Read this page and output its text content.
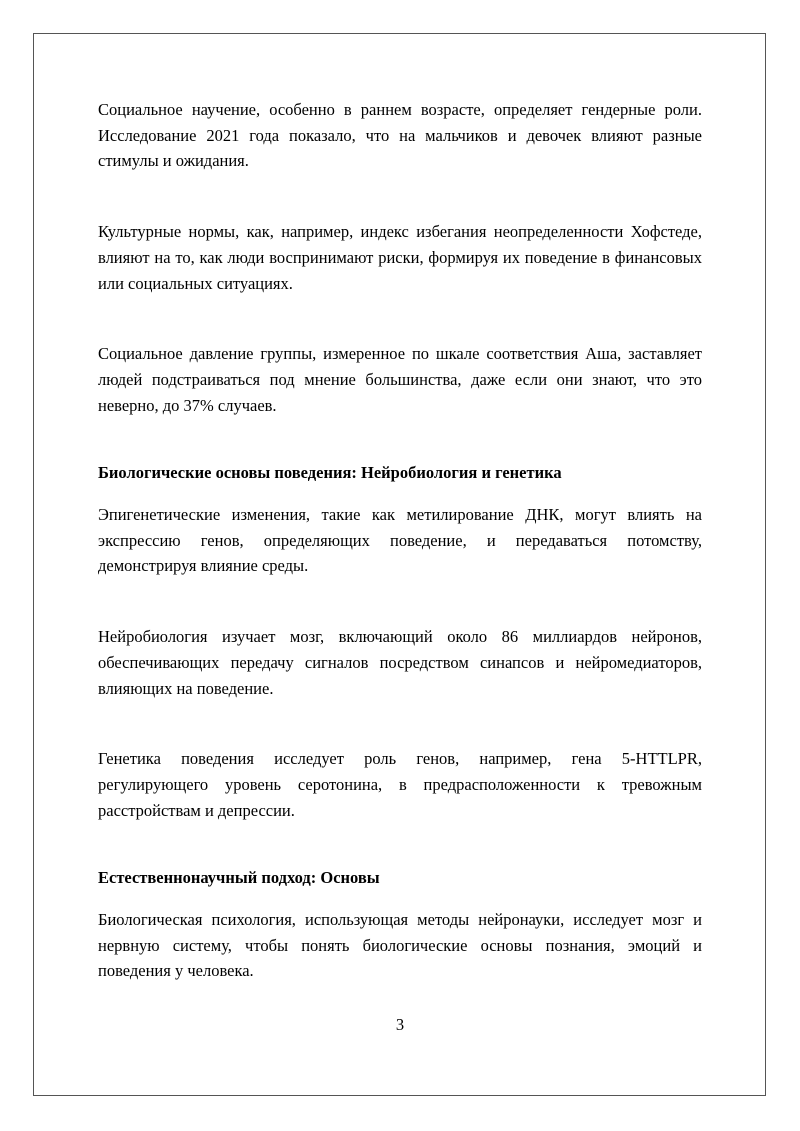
Социальное научение, особенно в раннем возрасте, определяет гендерные роли. Исследование 2021 года показало, что на мальчиков и девочек влияют разные стимулы и ожидания.

Культурные нормы, как, например, индекс избегания неопределенности Хофстеде, влияют на то, как люди воспринимают риски, формируя их поведение в финансовых или социальных ситуациях.

Социальное давление группы, измеренное по шкале соответствия Аша, заставляет людей подстраиваться под мнение большинства, даже если они знают, что это неверно, до 37% случаев.

Биологические основы поведения: Нейробиология и генетика

Эпигенетические изменения, такие как метилирование ДНК, могут влиять на экспрессию генов, определяющих поведение, и передаваться потомству, демонстрируя влияние среды.

Нейробиология изучает мозг, включающий около 86 миллиардов нейронов, обеспечивающих передачу сигналов посредством синапсов и нейромедиаторов, влияющих на поведение.

Генетика поведения исследует роль генов, например, гена 5-HTTLPR, регулирующего уровень серотонина, в предрасположенности к тревожным расстройствам и депрессии.

Естественнонаучный подход: Основы

Биологическая психология, использующая методы нейронауки, исследует мозг и нервную систему, чтобы понять биологические основы познания, эмоций и поведения у человека.

3
